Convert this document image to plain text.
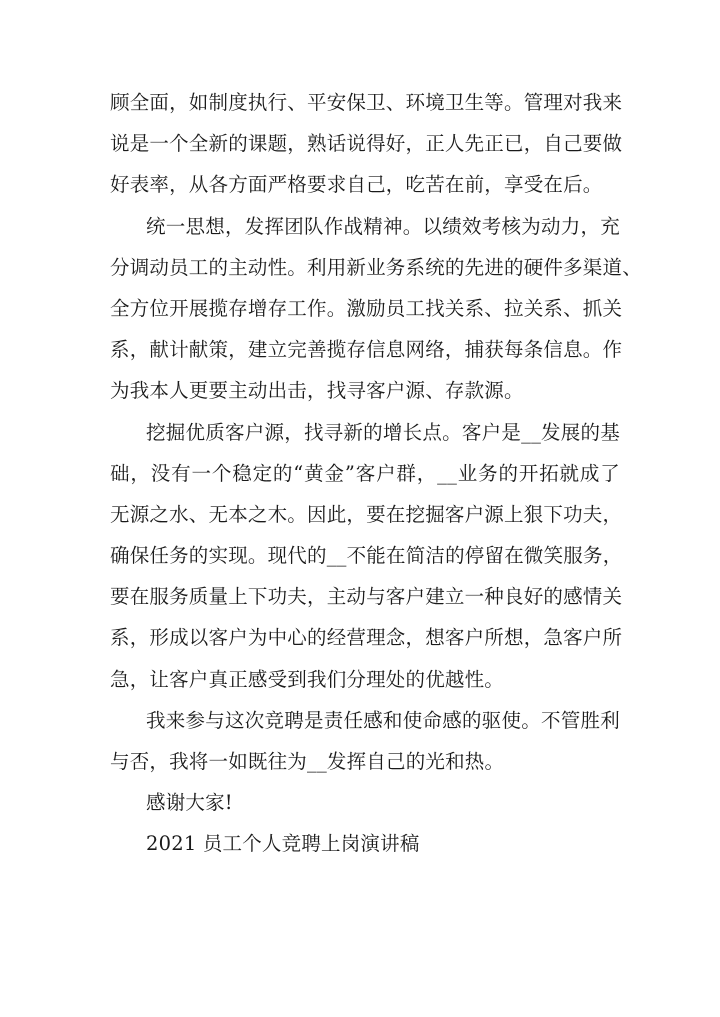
顾全面，如制度执行、平安保卫、环境卫生等。管理对我来
说是一个全新的课题，熟话说得好，正人先正已，自己要做
好表率，从各方面严格要求自己，吃苦在前，享受在后。
统一思想，发挥团队作战精神。以绩效考核为动力，充
分调动员工的主动性。利用新业务系统的先进的硬件多渠道、
全方位开展揽存增存工作。激励员工找关系、拉关系、抓关
系，献计献策，建立完善揽存信息网络，捕获每条信息。作
为我本人更要主动出击，找寻客户源、存款源。
挖掘优质客户源，找寻新的增长点。客户是__发展的基
础，没有一个稳定的“黄金”客户群，__业务的开拓就成了
无源之水、无本之木。因此，要在挖掘客户源上狠下功夫，
确保任务的实现。现代的__不能在简洁的停留在微笑服务，
要在服务质量上下功夫，主动与客户建立一种良好的感情关
系，形成以客户为中心的经营理念，想客户所想，急客户所
急，让客户真正感受到我们分理处的优越性。
我来参与这次竞聘是责任感和使命感的驱使。不管胜利
与否，我将一如既往为__发挥自己的光和热。
感谢大家!
2021 员工个人竞聘上岗演讲稿
